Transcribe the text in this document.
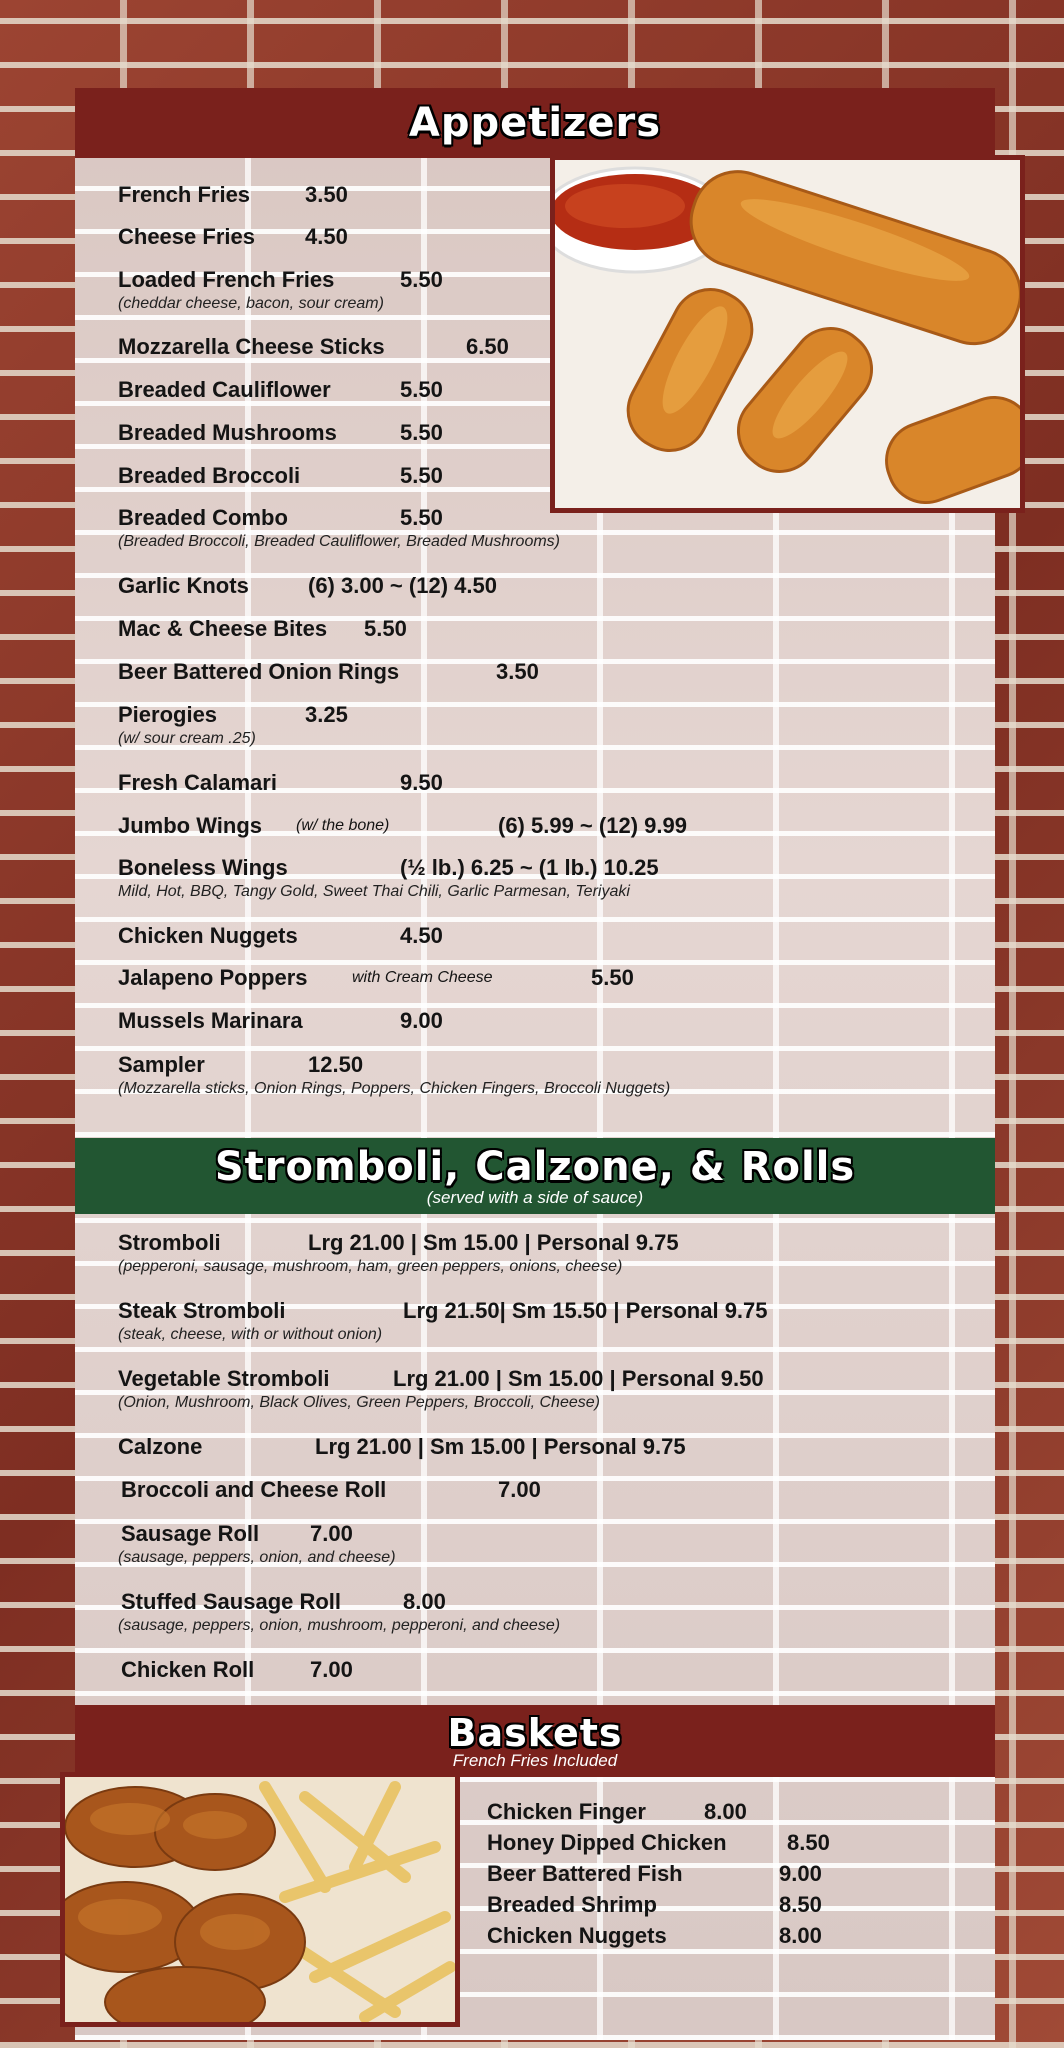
Appetizers
French Fries 3.50
Cheese Fries 4.50
Loaded French Fries	5.50
(cheddar cheese, bacon, sour cream)
Mozzarella Cheese Sticks	6.50
Breaded Cauliflower	5.50
Breaded Mushrooms	5.50
Breaded Broccoli	5.50
Breaded Combo	5.50
(Breaded Broccoli, Breaded Cauliflower, Breaded Mushrooms)
Garlic Knots	(6) 3.00 ~ (12) 4.50
Mac & Cheese Bites 5.50
Beer Battered Onion Rings	3.50
Pierogies	3.25
(w/ sour cream .25)
Fresh Calamari	9.50
Jumbo Wings (w/ the bone)	(6) 5.99 ~ (12) 9.99
Boneless Wings	(½ lb.) 6.25 ~ (1 lb.) 10.25
Mild, Hot, BBQ, Tangy Gold, Sweet Thai Chili, Garlic Parmesan, Teriyaki
Chicken Nuggets	4.50
Jalapeno Poppers	with Cream Cheese	5.50
Mussels Marinara	9.00
Sampler	12.50
(Mozzarella sticks, Onion Rings, Poppers, Chicken Fingers, Broccoli Nuggets)
Stromboli, Calzone, & Rolls
(served with a side of sauce)
Stromboli	Lrg 21.00 | Sm 15.00 | Personal 9.75
(pepperoni, sausage, mushroom, ham, green peppers, onions, cheese)
Steak Stromboli	Lrg 21.50| Sm 15.50 | Personal 9.75
(steak, cheese, with or without onion)
Vegetable Stromboli	Lrg 21.00 | Sm 15.00 | Personal 9.50
(Onion, Mushroom, Black Olives, Green Peppers, Broccoli, Cheese)
Calzone	Lrg 21.00 | Sm 15.00 | Personal 9.75
Broccoli and Cheese Roll	7.00
Sausage Roll 7.00
(sausage, peppers, onion, and cheese)
Stuffed Sausage Roll	8.00
(sausage, peppers, onion, mushroom, pepperoni, and cheese)
Chicken Roll	7.00
Baskets
French Fries Included
Chicken Finger	8.00
Honey Dipped Chicken	8.50
Beer Battered Fish	9.00
Breaded Shrimp	8.50
Chicken Nuggets	8.00
